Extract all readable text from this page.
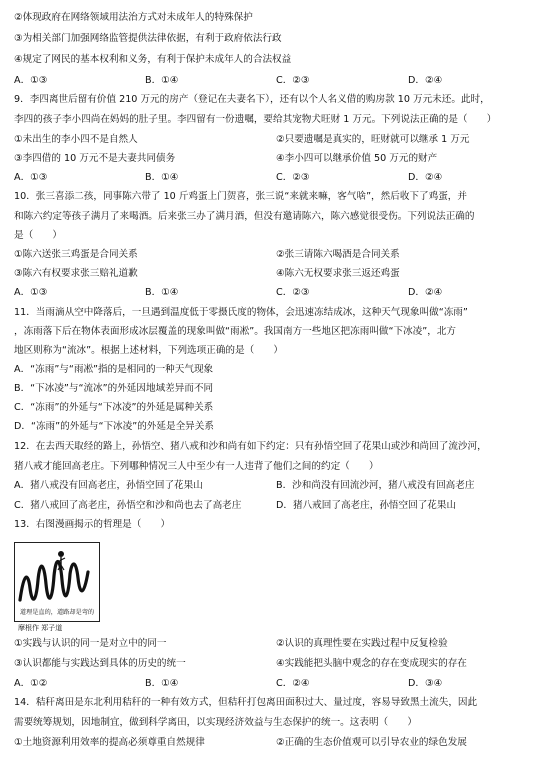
②体现政府在网络领域用法治方式对未成年人的特殊保护
③为相关部门加强网络监管提供法律依据，有利于政府依法行政
④规定了网民的基本权利和义务，有利于保护未成年人的合法权益
A．①③	B．①④	C．②③	D．②④
9．李四离世后留有价值 210 万元的房产（登记在夫妻名下），还有以个人名义借的购房款 10 万元未还。此时，
李四的孩子李小四尚在妈妈的肚子里。李四留有一份遗嘱，要给其宠物犬旺财 1 万元。下列说法正确的是（　　）
①未出生的李小四不是自然人	②只要遗嘱是真实的，旺财就可以继承 1 万元
③李四借的 10 万元不是夫妻共同债务	④李小四可以继承价值 50 万元的财产
A．①③	B．①④	C．②③	D．②④
10．张三喜添二孩，同事陈六带了 10 斤鸡蛋上门贺喜，张三说“来就来嘛，客气啥”，然后收下了鸡蛋，并
和陈六约定等孩子满月了来喝酒。后来张三办了满月酒，但没有邀请陈六，陈六感觉很受伤。下列说法正确的
是（　　）
①陈六送张三鸡蛋是合同关系	②张三请陈六喝酒是合同关系
③陈六有权要求张三赔礼道歉	④陈六无权要求张三返还鸡蛋
A．①③	B．①④	C．②③	D．②④
11．当雨滴从空中降落后，一旦遇到温度低于零摄氏度的物体，会迅速冻结成冰，这种天气现象叫做“冻雨”
，冻雨落下后在物体表面形成冰层覆盖的现象叫做“雨凇”。我国南方一些地区把冻雨叫做“下冰凌”，北方
地区则称为“流冰”。根据上述材料，下列选项正确的是（　　）
A．“冻雨”与“雨凇”指的是相同的一种天气现象
B．“下冰凌”与“流冰”的外延因地域差异而不同
C．“冻雨”的外延与“下冰凌”的外延是属种关系
D．“冻雨”的外延与“下冰凌”的外延是全异关系
12．在去西天取经的路上，孙悟空、猪八戒和沙和尚有如下约定：只有孙悟空回了花果山或沙和尚回了流沙河，
猪八戒才能回高老庄。下列哪种情况三人中至少有一人违背了他们之间的约定（　　）
A．猪八戒没有回高老庄，孙悟空回了花果山	B．沙和尚没有回流沙河，猪八戒没有回高老庄
C．猪八戒回了高老庄，孙悟空和沙和尚也去了高老庄	D．猪八戒回了高老庄，孙悟空回了花果山
13．右图漫画揭示的哲理是（　　）
道理是直的，道路却是弯的
摩根作 郑子道
①实践与认识的同一是对立中的同一	②认识的真理性要在实践过程中反复检验
③认识都能与实践达到具体的历史的统一	④实践能把头脑中观念的存在变成现实的存在
A．①②	B．①④	C．②④	D．③④
14．秸秆离田是东北利用秸秆的一种有效方式，但秸秆打包离田面积过大、量过度，容易导致黑土流失，因此
需要统筹规划，因地制宜，做到科学离田，以实现经济效益与生态保护的统一。这表明（　　）
①土地资源利用效率的提高必须尊重自然规律	②正确的生态价值观可以引导农业的绿色发展
